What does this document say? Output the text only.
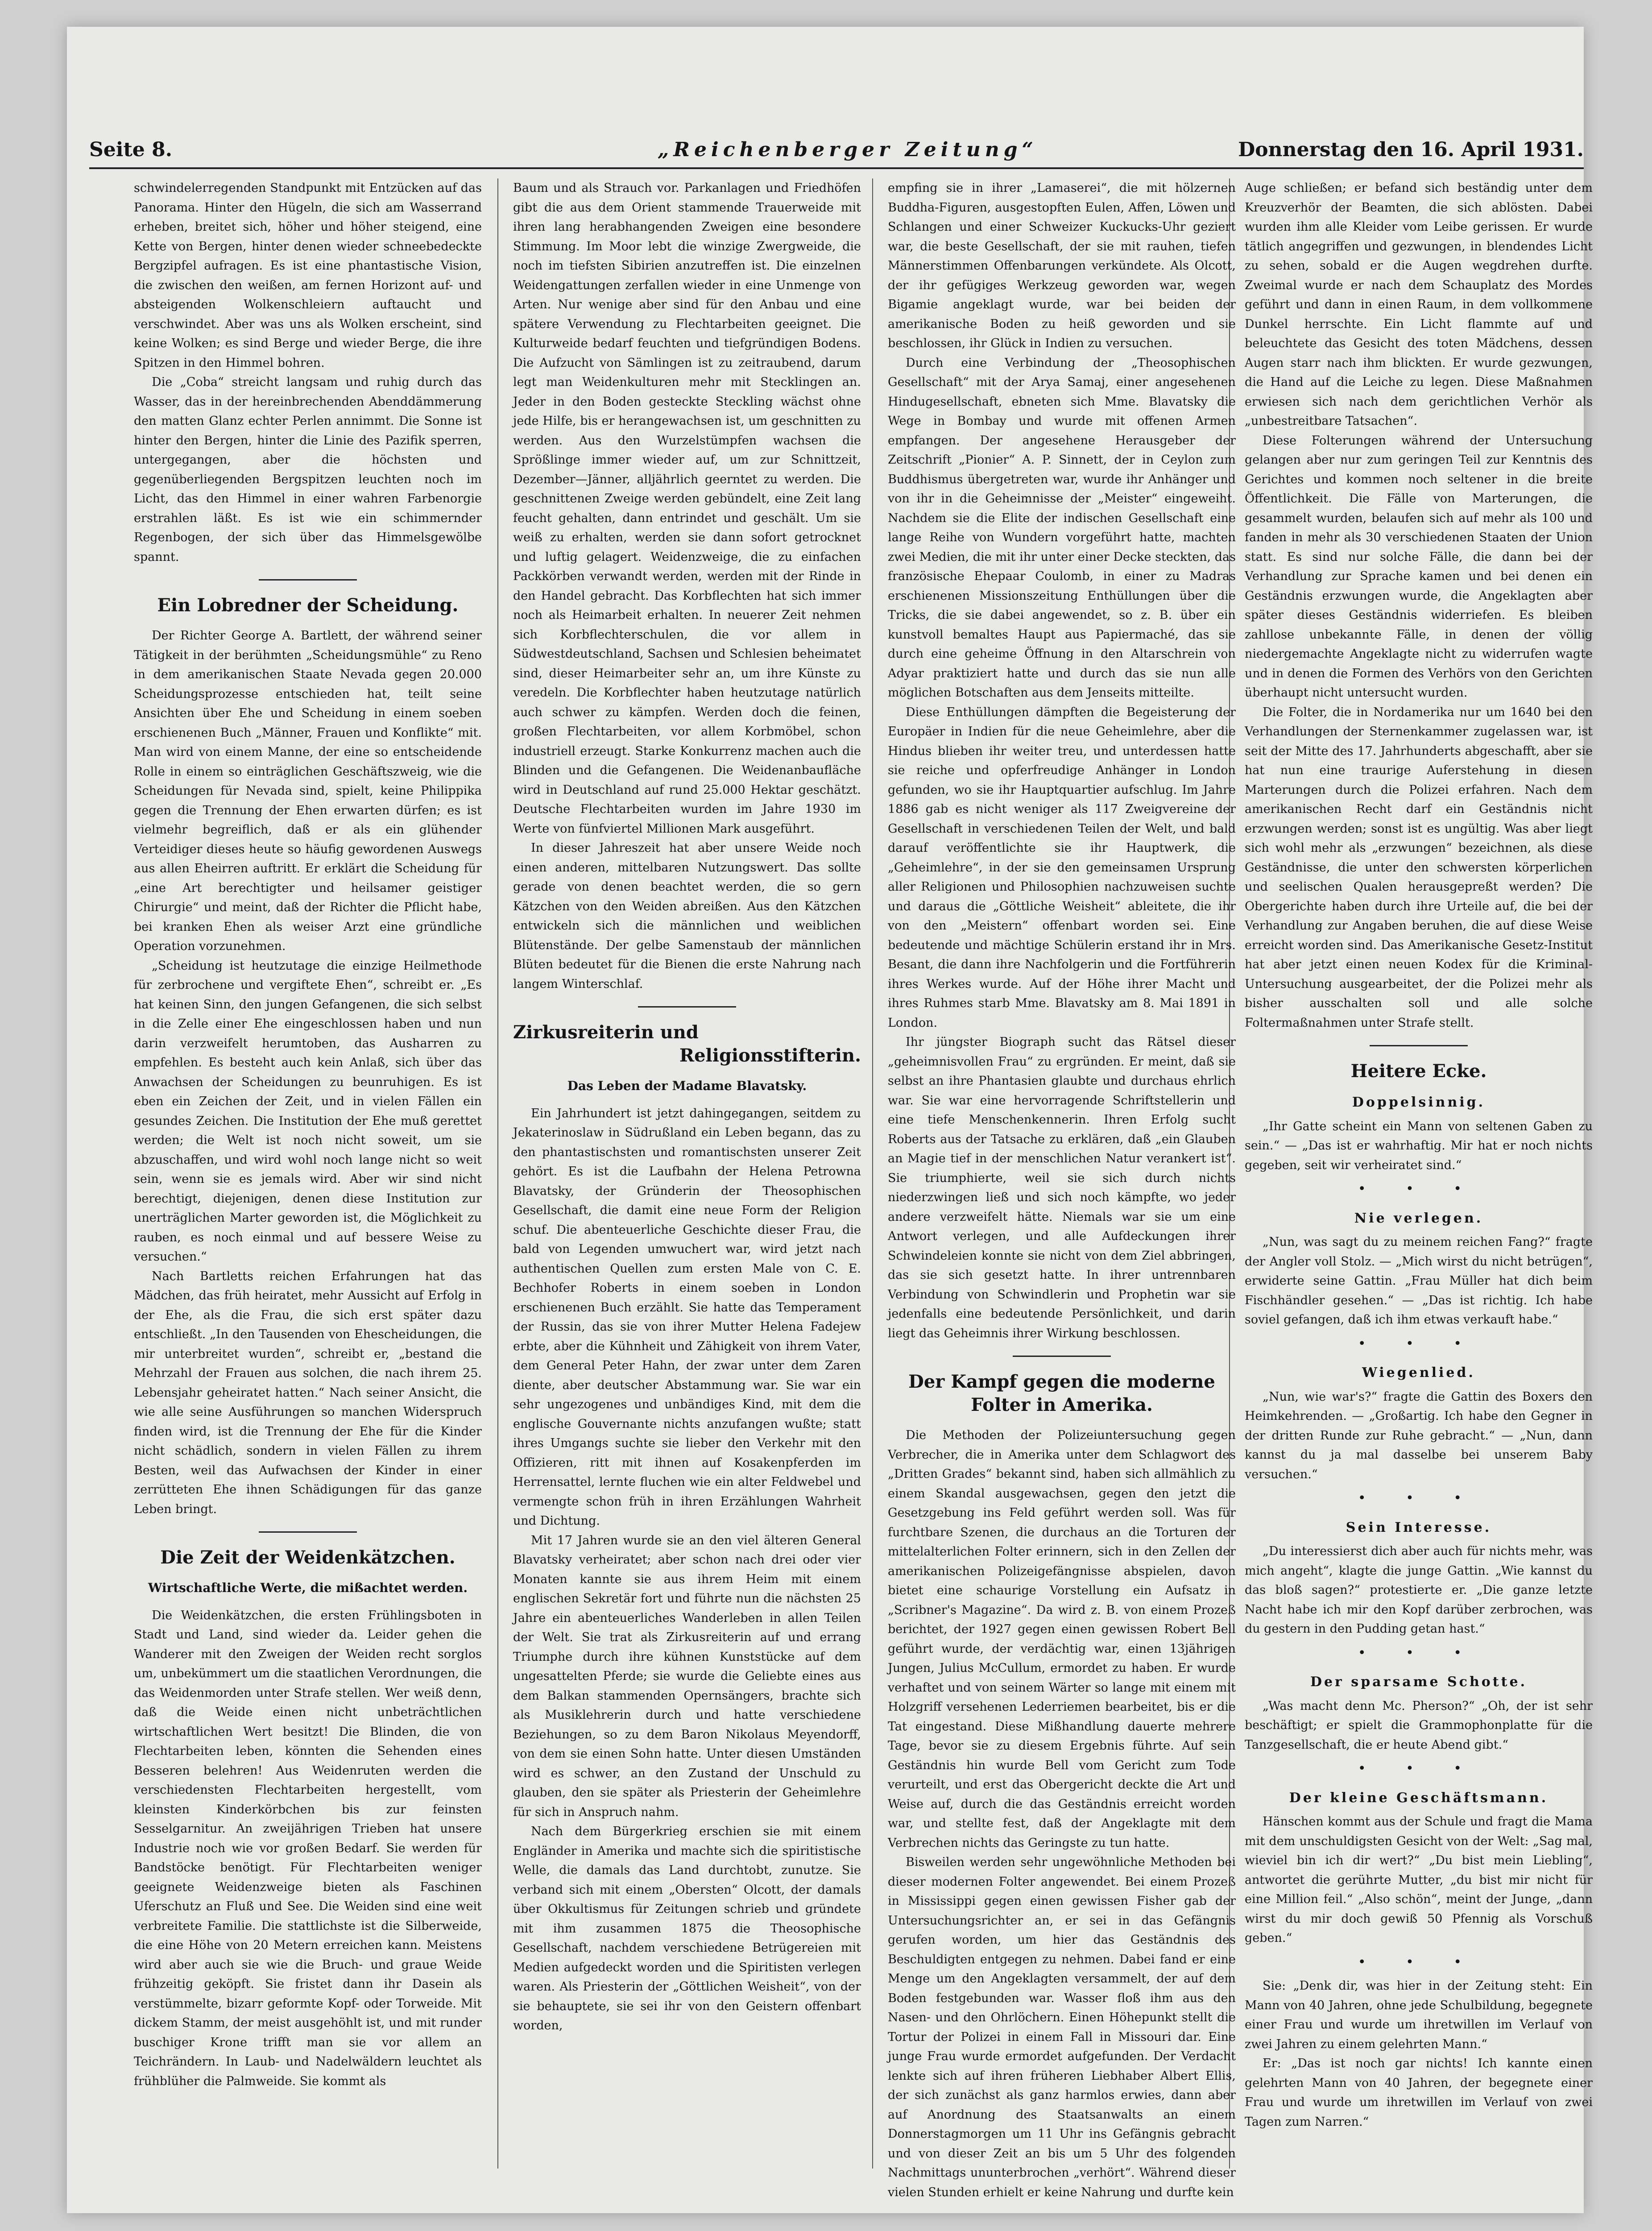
Seite 8.	„Reichenberger Zeitung“	Donnerstag den 16. April 1931.

schwindelerregenden Standpunkt mit Entzücken auf das Panorama. Hinter den Hügeln, die sich am Wasserrand erheben, breitet sich, höher und höher steigend, eine Kette von Bergen, hinter denen wieder schneebedeckte Bergzipfel aufragen. Es ist eine phantastische Vision, die zwischen den weißen, am fernen Horizont auf- und absteigenden Wolkenschleiern auftaucht und verschwindet. Aber was uns als Wolken erscheint, sind keine Wolken; es sind Berge und wieder Berge, die ihre Spitzen in den Himmel bohren.

Die „Coba“ streicht langsam und ruhig durch das Wasser, das in der hereinbrechenden Abenddämmerung den matten Glanz echter Perlen annimmt. Die Sonne ist hinter den Bergen, hinter die Linie des Pazifik sperren, untergegangen, aber die höchsten und gegenüberliegenden Bergspitzen leuchten noch im Licht, das den Himmel in einer wahren Farbenorgie erstrahlen läßt. Es ist wie ein schimmernder Regenbogen, der sich über das Himmelsgewölbe spannt.

Ein Lobredner der Scheidung.

Der Richter George A. Bartlett, der während seiner Tätigkeit in der berühmten „Scheidungsmühle“ zu Reno in dem amerikanischen Staate Nevada gegen 20.000 Scheidungsprozesse entschieden hat, teilt seine Ansichten über Ehe und Scheidung in einem soeben erschienenen Buch „Männer, Frauen und Konflikte“ mit. Man wird von einem Manne, der eine so entscheidende Rolle in einem so einträglichen Geschäftszweig, wie die Scheidungen für Nevada sind, spielt, keine Philippika gegen die Trennung der Ehen erwarten dürfen; es ist vielmehr begreiflich, daß er als ein glühender Verteidiger dieses heute so häufig gewordenen Auswegs aus allen Eheirren auftritt. Er erklärt die Scheidung für „eine Art berechtigter und heilsamer geistiger Chirurgie“ und meint, daß der Richter die Pflicht habe, bei kranken Ehen als weiser Arzt eine gründliche Operation vorzunehmen.

„Scheidung ist heutzutage die einzige Heilmethode für zerbrochene und vergiftete Ehen“, schreibt er. „Es hat keinen Sinn, den jungen Gefangenen, die sich selbst in die Zelle einer Ehe eingeschlossen haben und nun darin verzweifelt herumtoben, das Ausharren zu empfehlen. Es besteht auch kein Anlaß, sich über das Anwachsen der Scheidungen zu beunruhigen. Es ist eben ein Zeichen der Zeit, und in vielen Fällen ein gesundes Zeichen. Die Institution der Ehe muß gerettet werden; die Welt ist noch nicht soweit, um sie abzuschaffen, und wird wohl noch lange nicht so weit sein, wenn sie es jemals wird. Aber wir sind nicht berechtigt, diejenigen, denen diese Institution zur unerträglichen Marter geworden ist, die Möglichkeit zu rauben, es noch einmal und auf bessere Weise zu versuchen.“

Nach Bartletts reichen Erfahrungen hat das Mädchen, das früh heiratet, mehr Aussicht auf Erfolg in der Ehe, als die Frau, die sich erst später dazu entschließt. „In den Tausenden von Ehescheidungen, die mir unterbreitet wurden“, schreibt er, „bestand die Mehrzahl der Frauen aus solchen, die nach ihrem 25. Lebensjahr geheiratet hatten.“ Nach seiner Ansicht, die wie alle seine Ausführungen so manchen Widerspruch finden wird, ist die Trennung der Ehe für die Kinder nicht schädlich, sondern in vielen Fällen zu ihrem Besten, weil das Aufwachsen der Kinder in einer zerrütteten Ehe ihnen Schädigungen für das ganze Leben bringt.

Die Zeit der Weidenkätzchen.
Wirtschaftliche Werte, die mißachtet werden.

Die Weidenkätzchen, die ersten Frühlingsboten in Stadt und Land, sind wieder da. Leider gehen die Wanderer mit den Zweigen der Weiden recht sorglos um, unbekümmert um die staatlichen Verordnungen, die das Weidenmorden unter Strafe stellen. Wer weiß denn, daß die Weide einen nicht unbeträchtlichen wirtschaftlichen Wert besitzt! Die Blinden, die von Flechtarbeiten leben, könnten die Sehenden eines Besseren belehren! Aus Weidenruten werden die verschiedensten Flechtarbeiten hergestellt, vom kleinsten Kinderkörbchen bis zur feinsten Sesselgarnitur. An zweijährigen Trieben hat unsere Industrie noch wie vor großen Bedarf. Sie werden für Bandstöcke benötigt. Für Flechtarbeiten weniger geeignete Weidenzweige bieten als Faschinen Uferschutz an Fluß und See. Die Weiden sind eine weit verbreitete Familie. Die stattlichste ist die Silberweide, die eine Höhe von 20 Metern erreichen kann. Meistens wird aber auch sie wie die Bruch- und graue Weide frühzeitig geköpft. Sie fristet dann ihr Dasein als verstümmelte, bizarr geformte Kopf- oder Torweide. Mit dickem Stamm, der meist ausgehöhlt ist, und mit runder buschiger Krone trifft man sie vor allem an Teichrändern. In Laub- und Nadelwäldern leuchtet als frühblüher die Palmweide. Sie kommt als

Baum und als Strauch vor. Parkanlagen und Friedhöfen gibt die aus dem Orient stammende Trauerweide mit ihren lang herabhangenden Zweigen eine besondere Stimmung. Im Moor lebt die winzige Zwergweide, die noch im tiefsten Sibirien anzutreffen ist. Die einzelnen Weidengattungen zerfallen wieder in eine Unmenge von Arten. Nur wenige aber sind für den Anbau und eine spätere Verwendung zu Flechtarbeiten geeignet. Die Kulturweide bedarf feuchten und tiefgründigen Bodens. Die Aufzucht von Sämlingen ist zu zeitraubend, darum legt man Weidenkulturen mehr mit Stecklingen an. Jeder in den Boden gesteckte Steckling wächst ohne jede Hilfe, bis er herangewachsen ist, um geschnitten zu werden. Aus den Wurzelstümpfen wachsen die Sprößlinge immer wieder auf, um zur Schnittzeit, Dezember—Jänner, alljährlich geerntet zu werden. Die geschnittenen Zweige werden gebündelt, eine Zeit lang feucht gehalten, dann entrindet und geschält. Um sie weiß zu erhalten, werden sie dann sofort getrocknet und luftig gelagert. Weidenzweige, die zu einfachen Packkörben verwandt werden, werden mit der Rinde in den Handel gebracht. Das Korbflechten hat sich immer noch als Heimarbeit erhalten. In neuerer Zeit nehmen sich Korbflechterschulen, die vor allem in Südwestdeutschland, Sachsen und Schlesien beheimatet sind, dieser Heimarbeiter sehr an, um ihre Künste zu veredeln. Die Korbflechter haben heutzutage natürlich auch schwer zu kämpfen. Werden doch die feinen, großen Flechtarbeiten, vor allem Korbmöbel, schon industriell erzeugt. Starke Konkurrenz machen auch die Blinden und die Gefangenen. Die Weidenanbaufläche wird in Deutschland auf rund 25.000 Hektar geschätzt. Deutsche Flechtarbeiten wurden im Jahre 1930 im Werte von fünfviertel Millionen Mark ausgeführt.

In dieser Jahreszeit hat aber unsere Weide noch einen anderen, mittelbaren Nutzungswert. Das sollte gerade von denen beachtet werden, die so gern Kätzchen von den Weiden abreißen. Aus den Kätzchen entwickeln sich die männlichen und weiblichen Blütenstände. Der gelbe Samenstaub der männlichen Blüten bedeutet für die Bienen die erste Nahrung nach langem Winterschlaf.

Zirkusreiterin und
Religionsstifterin.
Das Leben der Madame Blavatsky.

Ein Jahrhundert ist jetzt dahingegangen, seitdem zu Jekaterinoslaw in Südrußland ein Leben begann, das zu den phantastischsten und romantischsten unserer Zeit gehört. Es ist die Laufbahn der Helena Petrowna Blavatsky, der Gründerin der Theosophischen Gesellschaft, die damit eine neue Form der Religion schuf. Die abenteuerliche Geschichte dieser Frau, die bald von Legenden umwuchert war, wird jetzt nach authentischen Quellen zum ersten Male von C. E. Bechhofer Roberts in einem soeben in London erschienenen Buch erzählt. Sie hatte das Temperament der Russin, das sie von ihrer Mutter Helena Fadejew erbte, aber die Kühnheit und Zähigkeit von ihrem Vater, dem General Peter Hahn, der zwar unter dem Zaren diente, aber deutscher Abstammung war. Sie war ein sehr ungezogenes und unbändiges Kind, mit dem die englische Gouvernante nichts anzufangen wußte; statt ihres Umgangs suchte sie lieber den Verkehr mit den Offizieren, ritt mit ihnen auf Kosakenpferden im Herrensattel, lernte fluchen wie ein alter Feldwebel und vermengte schon früh in ihren Erzählungen Wahrheit und Dichtung.

Mit 17 Jahren wurde sie an den viel älteren General Blavatsky verheiratet; aber schon nach drei oder vier Monaten kannte sie aus ihrem Heim mit einem englischen Sekretär fort und führte nun die nächsten 25 Jahre ein abenteuerliches Wanderleben in allen Teilen der Welt. Sie trat als Zirkusreiterin auf und errang Triumphe durch ihre kühnen Kunststücke auf dem ungesattelten Pferde; sie wurde die Geliebte eines aus dem Balkan stammenden Opernsängers, brachte sich als Musiklehrerin durch und hatte verschiedene Beziehungen, so zu dem Baron Nikolaus Meyendorff, von dem sie einen Sohn hatte. Unter diesen Umständen wird es schwer, an den Zustand der Unschuld zu glauben, den sie später als Priesterin der Geheimlehre für sich in Anspruch nahm.

Nach dem Bürgerkrieg erschien sie mit einem Engländer in Amerika und machte sich die spiritistische Welle, die damals das Land durchtobt, zunutze. Sie verband sich mit einem „Obersten“ Olcott, der damals über Okkultismus für Zeitungen schrieb und gründete mit ihm zusammen 1875 die Theosophische Gesellschaft, nachdem verschiedene Betrügereien mit Medien aufgedeckt worden und die Spiritisten verlegen waren. Als Priesterin der „Göttlichen Weisheit“, von der sie behauptete, sie sei ihr von den Geistern offenbart worden,

empfing sie in ihrer „Lamaserei“, die mit hölzernen Buddha-Figuren, ausgestopften Eulen, Affen, Löwen und Schlangen und einer Schweizer Kuckucks-Uhr geziert war, die beste Gesellschaft, der sie mit rauhen, tiefen Männerstimmen Offenbarungen verkündete. Als Olcott, der ihr gefügiges Werkzeug geworden war, wegen Bigamie angeklagt wurde, war bei beiden der amerikanische Boden zu heiß geworden und sie beschlossen, ihr Glück in Indien zu versuchen.

Durch eine Verbindung der „Theosophischen Gesellschaft“ mit der Arya Samaj, einer angesehenen Hindugesellschaft, ebneten sich Mme. Blavatsky die Wege in Bombay und wurde mit offenen Armen empfangen. Der angesehene Herausgeber der Zeitschrift „Pionier“ A. P. Sinnett, der in Ceylon zum Buddhismus übergetreten war, wurde ihr Anhänger und von ihr in die Geheimnisse der „Meister“ eingeweiht. Nachdem sie die Elite der indischen Gesellschaft eine lange Reihe von Wundern vorgeführt hatte, machten zwei Medien, die mit ihr unter einer Decke steckten, das französische Ehepaar Coulomb, in einer zu Madras erschienenen Missionszeitung Enthüllungen über die Tricks, die sie dabei angewendet, so z. B. über ein kunstvoll bemaltes Haupt aus Papiermaché, das sie durch eine geheime Öffnung in den Altarschrein von Adyar praktiziert hatte und durch das sie nun alle möglichen Botschaften aus dem Jenseits mitteilte.

Diese Enthüllungen dämpften die Begeisterung der Europäer in Indien für die neue Geheimlehre, aber die Hindus blieben ihr weiter treu, und unterdessen hatte sie reiche und opferfreudige Anhänger in London gefunden, wo sie ihr Hauptquartier aufschlug. Im Jahre 1886 gab es nicht weniger als 117 Zweigvereine der Gesellschaft in verschiedenen Teilen der Welt, und bald darauf veröffentlichte sie ihr Hauptwerk, die „Geheimlehre“, in der sie den gemeinsamen Ursprung aller Religionen und Philosophien nachzuweisen suchte und daraus die „Göttliche Weisheit“ ableitete, die ihr von den „Meistern“ offenbart worden sei. Eine bedeutende und mächtige Schülerin erstand ihr in Mrs. Besant, die dann ihre Nachfolgerin und die Fortführerin ihres Werkes wurde. Auf der Höhe ihrer Macht und ihres Ruhmes starb Mme. Blavatsky am 8. Mai 1891 in London.

Ihr jüngster Biograph sucht das Rätsel dieser „geheimnisvollen Frau“ zu ergründen. Er meint, daß sie selbst an ihre Phantasien glaubte und durchaus ehrlich war. Sie war eine hervorragende Schriftstellerin und eine tiefe Menschenkennerin. Ihren Erfolg sucht Roberts aus der Tatsache zu erklären, daß „ein Glauben an Magie tief in der menschlichen Natur verankert ist“. Sie triumphierte, weil sie sich durch nichts niederzwingen ließ und sich noch kämpfte, wo jeder andere verzweifelt hätte. Niemals war sie um eine Antwort verlegen, und alle Aufdeckungen ihrer Schwindeleien konnte sie nicht von dem Ziel abbringen, das sie sich gesetzt hatte. In ihrer untrennbaren Verbindung von Schwindlerin und Prophetin war sie jedenfalls eine bedeutende Persönlichkeit, und darin liegt das Geheimnis ihrer Wirkung beschlossen.

Der Kampf gegen die moderne Folter in Amerika.

Die Methoden der Polizeiuntersuchung gegen Verbrecher, die in Amerika unter dem Schlagwort des „Dritten Grades“ bekannt sind, haben sich allmählich zu einem Skandal ausgewachsen, gegen den jetzt die Gesetzgebung ins Feld geführt werden soll. Was für furchtbare Szenen, die durchaus an die Torturen der mittelalterlichen Folter erinnern, sich in den Zellen der amerikanischen Polizeigefängnisse abspielen, davon bietet eine schaurige Vorstellung ein Aufsatz in „Scribner's Magazine“. Da wird z. B. von einem Prozeß berichtet, der 1927 gegen einen gewissen Robert Bell geführt wurde, der verdächtig war, einen 13jährigen Jungen, Julius McCullum, ermordet zu haben. Er wurde verhaftet und von seinem Wärter so lange mit einem mit Holzgriff versehenen Lederriemen bearbeitet, bis er die Tat eingestand. Diese Mißhandlung dauerte mehrere Tage, bevor sie zu diesem Ergebnis führte. Auf sein Geständnis hin wurde Bell vom Gericht zum Tode verurteilt, und erst das Obergericht deckte die Art und Weise auf, durch die das Geständnis erreicht worden war, und stellte fest, daß der Angeklagte mit dem Verbrechen nichts das Geringste zu tun hatte.

Bisweilen werden sehr ungewöhnliche Methoden bei dieser modernen Folter angewendet. Bei einem Prozeß in Mississippi gegen einen gewissen Fisher gab der Untersuchungsrichter an, er sei in das Gefängnis gerufen worden, um hier das Geständnis des Beschuldigten entgegen zu nehmen. Dabei fand er eine Menge um den Angeklagten versammelt, der auf dem Boden festgebunden war. Wasser floß ihm aus den Nasen- und den Ohrlöchern. Einen Höhepunkt stellt die Tortur der Polizei in einem Fall in Missouri dar. Eine junge Frau wurde ermordet aufgefunden. Der Verdacht lenkte sich auf ihren früheren Liebhaber Albert Ellis, der sich zunächst als ganz harmlos erwies, dann aber auf Anordnung des Staatsanwalts an einem Donnerstagmorgen um 11 Uhr ins Gefängnis gebracht und von dieser Zeit an bis um 5 Uhr des folgenden Nachmittags ununterbrochen „verhört“. Während dieser vielen Stunden erhielt er keine Nahrung und durfte kein

Auge schließen; er befand sich beständig unter dem Kreuzverhör der Beamten, die sich ablösten. Dabei wurden ihm alle Kleider vom Leibe gerissen. Er wurde tätlich angegriffen und gezwungen, in blendendes Licht zu sehen, sobald er die Augen wegdrehen durfte. Zweimal wurde er nach dem Schauplatz des Mordes geführt und dann in einen Raum, in dem vollkommene Dunkel herrschte. Ein Licht flammte auf und beleuchtete das Gesicht des toten Mädchens, dessen Augen starr nach ihm blickten. Er wurde gezwungen, die Hand auf die Leiche zu legen. Diese Maßnahmen erwiesen sich nach dem gerichtlichen Verhör als „unbestreitbare Tatsachen“.

Diese Folterungen während der Untersuchung gelangen aber nur zum geringen Teil zur Kenntnis des Gerichtes und kommen noch seltener in die breite Öffentlichkeit. Die Fälle von Marterungen, die gesammelt wurden, belaufen sich auf mehr als 100 und fanden in mehr als 30 verschiedenen Staaten der Union statt. Es sind nur solche Fälle, die dann bei der Verhandlung zur Sprache kamen und bei denen ein Geständnis erzwungen wurde, die Angeklagten aber später dieses Geständnis widerriefen. Es bleiben zahllose unbekannte Fälle, in denen der völlig niedergemachte Angeklagte nicht zu widerrufen wagte und in denen die Formen des Verhörs von den Gerichten überhaupt nicht untersucht wurden.

Die Folter, die in Nordamerika nur um 1640 bei den Verhandlungen der Sternenkammer zugelassen war, ist seit der Mitte des 17. Jahrhunderts abgeschafft, aber sie hat nun eine traurige Auferstehung in diesen Marterungen durch die Polizei erfahren. Nach dem amerikanischen Recht darf ein Geständnis nicht erzwungen werden; sonst ist es ungültig. Was aber liegt sich wohl mehr als „erzwungen“ bezeichnen, als diese Geständnisse, die unter den schwersten körperlichen und seelischen Qualen herausgepreßt werden? Die Obergerichte haben durch ihre Urteile auf, die bei der Verhandlung zur Angaben beruhen, die auf diese Weise erreicht worden sind. Das Amerikanische Gesetz-Institut hat aber jetzt einen neuen Kodex für die Kriminal-Untersuchung ausgearbeitet, der die Polizei mehr als bisher ausschalten soll und alle solche Foltermaßnahmen unter Strafe stellt.

Heitere Ecke.
Doppelsinnig.

„Ihr Gatte scheint ein Mann von seltenen Gaben zu sein.“ — „Das ist er wahrhaftig. Mir hat er noch nichts gegeben, seit wir verheiratet sind.“

• • •
Nie verlegen.

„Nun, was sagt du zu meinem reichen Fang?“ fragte der Angler voll Stolz. — „Mich wirst du nicht betrügen“, erwiderte seine Gattin. „Frau Müller hat dich beim Fischhändler gesehen.“ — „Das ist richtig. Ich habe soviel gefangen, daß ich ihm etwas verkauft habe.“

• • •
Wiegenlied.

„Nun, wie war's?“ fragte die Gattin des Boxers den Heimkehrenden. — „Großartig. Ich habe den Gegner in der dritten Runde zur Ruhe gebracht.“ — „Nun, dann kannst du ja mal dasselbe bei unserem Baby versuchen.“

• • •
Sein Interesse.

„Du interessierst dich aber auch für nichts mehr, was mich angeht“, klagte die junge Gattin. „Wie kannst du das bloß sagen?“ protestierte er. „Die ganze letzte Nacht habe ich mir den Kopf darüber zerbrochen, was du gestern in den Pudding getan hast.“

• • •
Der sparsame Schotte.

„Was macht denn Mc. Pherson?“ „Oh, der ist sehr beschäftigt; er spielt die Grammophonplatte für die Tanzgesellschaft, die er heute Abend gibt.“

• • •
Der kleine Geschäftsmann.

Hänschen kommt aus der Schule und fragt die Mama mit dem unschuldigsten Gesicht von der Welt: „Sag mal, wieviel bin ich dir wert?“ „Du bist mein Liebling“, antwortet die gerührte Mutter, „du bist mir nicht für eine Million feil.“ „Also schön“, meint der Junge, „dann wirst du mir doch gewiß 50 Pfennig als Vorschuß geben.“

• • •

Sie: „Denk dir, was hier in der Zeitung steht: Ein Mann von 40 Jahren, ohne jede Schulbildung, begegnete einer Frau und wurde um ihretwillen im Verlauf von zwei Jahren zu einem gelehrten Mann.“

Er: „Das ist noch gar nichts! Ich kannte einen gelehrten Mann von 40 Jahren, der begegnete einer Frau und wurde um ihretwillen im Verlauf von zwei Tagen zum Narren.“
